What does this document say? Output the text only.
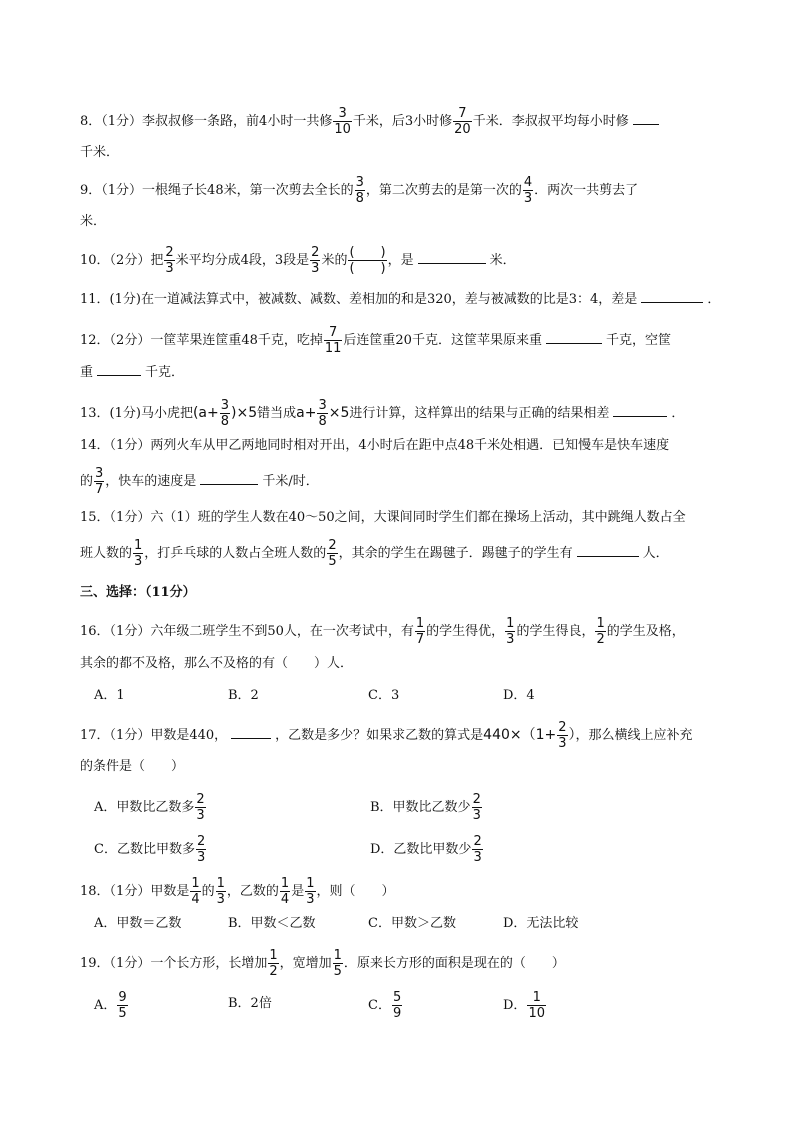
8．（1分）李叔叔修一条路，前4小时一共修 $\frac{3}{10}$ 千米，后3小时修 $\frac{7}{20}$ 千米．李叔叔平均每小时修
千米．
9．（1分）一根绳子长48米，第一次剪去全长的 $\frac{3}{8}$ ，第二次剪去的是第一次的 $\frac{4}{3}$ ．两次一共剪去了
米．
10．（2分）把 $\frac{2}{3}$ 米平均分成4段，3段是 $\frac{2}{3}$ 米的 $\frac{( )}{( )}$ ，是	米．
11．(1分)在一道减法算式中，被减数、减数、差相加的和是320，差与被减数的比是3：4，差是	．
12．（2分）一筐苹果连筐重48千克，吃掉 $\frac{7}{11}$ 后连筐重20千克．这筐苹果原来重	千克，空筐
重	千克．
13．(1分)马小虎把$(a+ \frac{3}{8} )\times 5$错当成$a+ \frac{3}{8} \times 5$进行计算，这样算出的结果与正确的结果相差	．
14．（1分）两列火车从甲乙两地同时相对开出，4小时后在距中点48千米处相遇．已知慢车是快车速度
的 $\frac{3}{7}$ ，快车的速度是	千米/时．
15．（1分）六（1）班的学生人数在40～50之间，大课间同时学生们都在操场上活动，其中跳绳人数占全
班人数的 $\frac{1}{3}$ ，打乒乓球的人数占全班人数的 $\frac{2}{5}$ ，其余的学生在踢毽子．踢毽子的学生有	人．
三、选择：（11分）
16．（1分）六年级二班学生不到50人，在一次考试中，有 $\frac{1}{7}$ 的学生得优， $\frac{1}{3}$ 的学生得良， $\frac{1}{2}$ 的学生及格，
其余的都不及格，那么不及格的有（　　）人．
A．1	B．2	C．3	D．4
17．（1分）甲数是440，	，乙数是多少？如果求乙数的算式是$440\times(1+ \frac{2}{3}$ ），那么横线上应补充
的条件是（　　）
A．甲数比乙数多 $\frac{2}{3}$	B．甲数比乙数少 $\frac{2}{3}$
C．乙数比甲数多 $\frac{2}{3}$	D．乙数比甲数少 $\frac{2}{3}$
18．（1分）甲数是 $\frac{1}{4}$ 的 $\frac{1}{3}$ ，乙数的 $\frac{1}{4}$ 是 $\frac{1}{3}$ ，则（　　）
A．甲数＝乙数	B．甲数＜乙数	C．甲数＞乙数	D．无法比较
19．（1分）一个长方形，长增加 $\frac{1}{2}$ ，宽增加 $\frac{1}{5}$ ．原来长方形的面积是现在的（　　）
A． $\frac{9}{5}$	B．2倍	C． $\frac{5}{9}$	D． $\frac{1}{10}$
